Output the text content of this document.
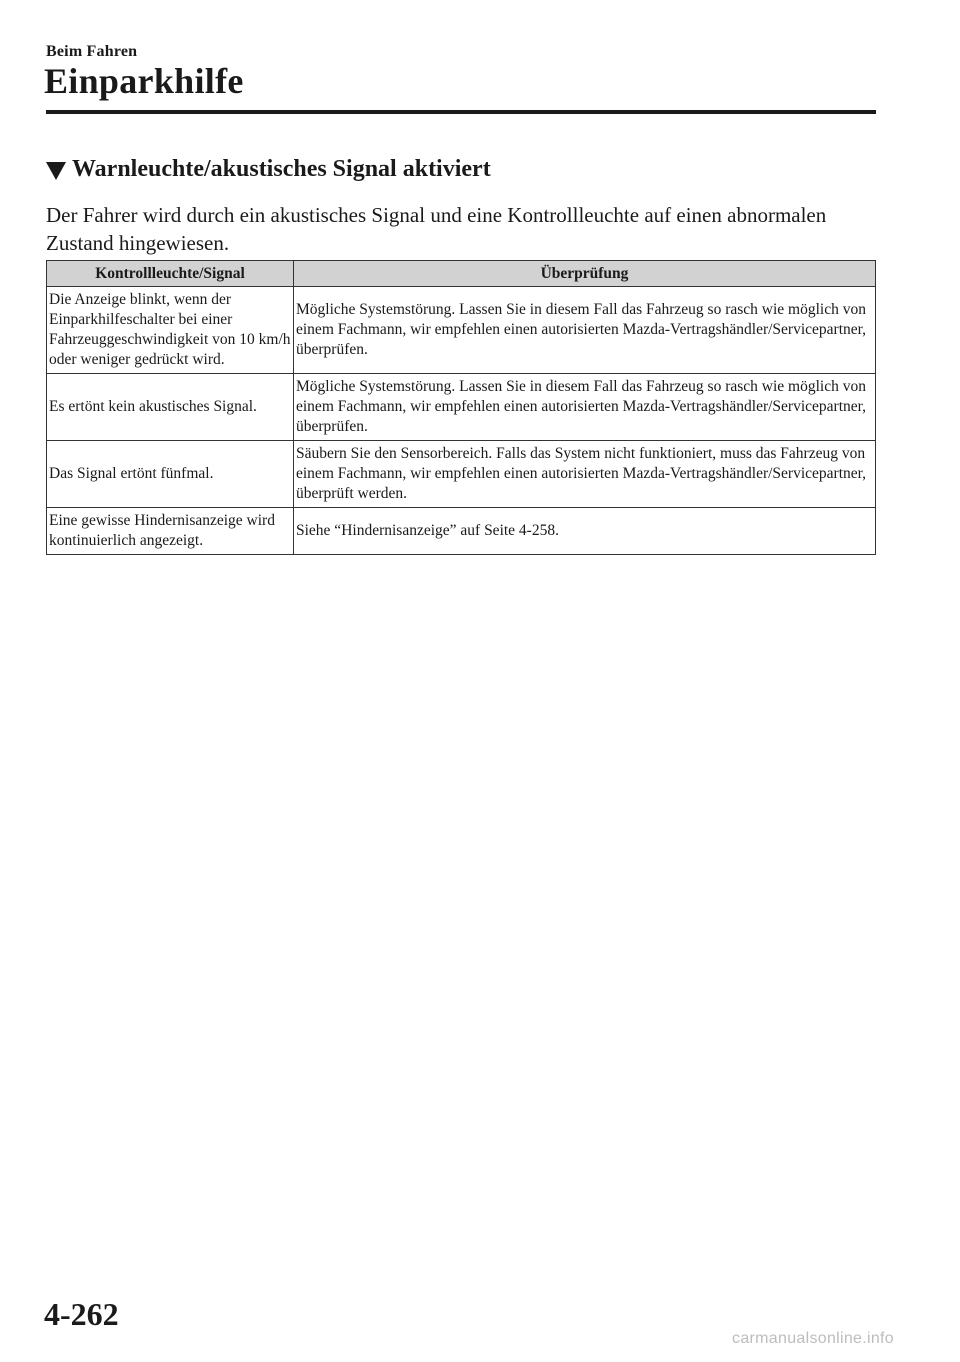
Beim Fahren
Einparkhilfe
Warnleuchte/akustisches Signal aktiviert
Der Fahrer wird durch ein akustisches Signal und eine Kontrollleuchte auf einen abnormalen Zustand hingewiesen.
Kontrollleuchte/Signal	Überprüfung
Die Anzeige blinkt, wenn der Einparkhilfeschalter bei einer Fahrzeuggeschwindigkeit von 10 km/h oder weniger gedrückt wird.	Mögliche Systemstörung. Lassen Sie in diesem Fall das Fahrzeug so rasch wie möglich von einem Fachmann, wir empfehlen einen autorisierten Mazda-Vertragshändler/Servicepartner, überprüfen.
Es ertönt kein akustisches Signal.	Mögliche Systemstörung. Lassen Sie in diesem Fall das Fahrzeug so rasch wie möglich von einem Fachmann, wir empfehlen einen autorisierten Mazda-Vertragshändler/Servicepartner, überprüfen.
Das Signal ertönt fünfmal.	Säubern Sie den Sensorbereich. Falls das System nicht funktioniert, muss das Fahrzeug von einem Fachmann, wir empfehlen einen autorisierten Mazda-Vertragshändler/Servicepartner, überprüft werden.
Eine gewisse Hindernisanzeige wird kontinuierlich angezeigt.	Siehe “Hindernisanzeige” auf Seite 4-258.
4-262
carmanualsonline.info
